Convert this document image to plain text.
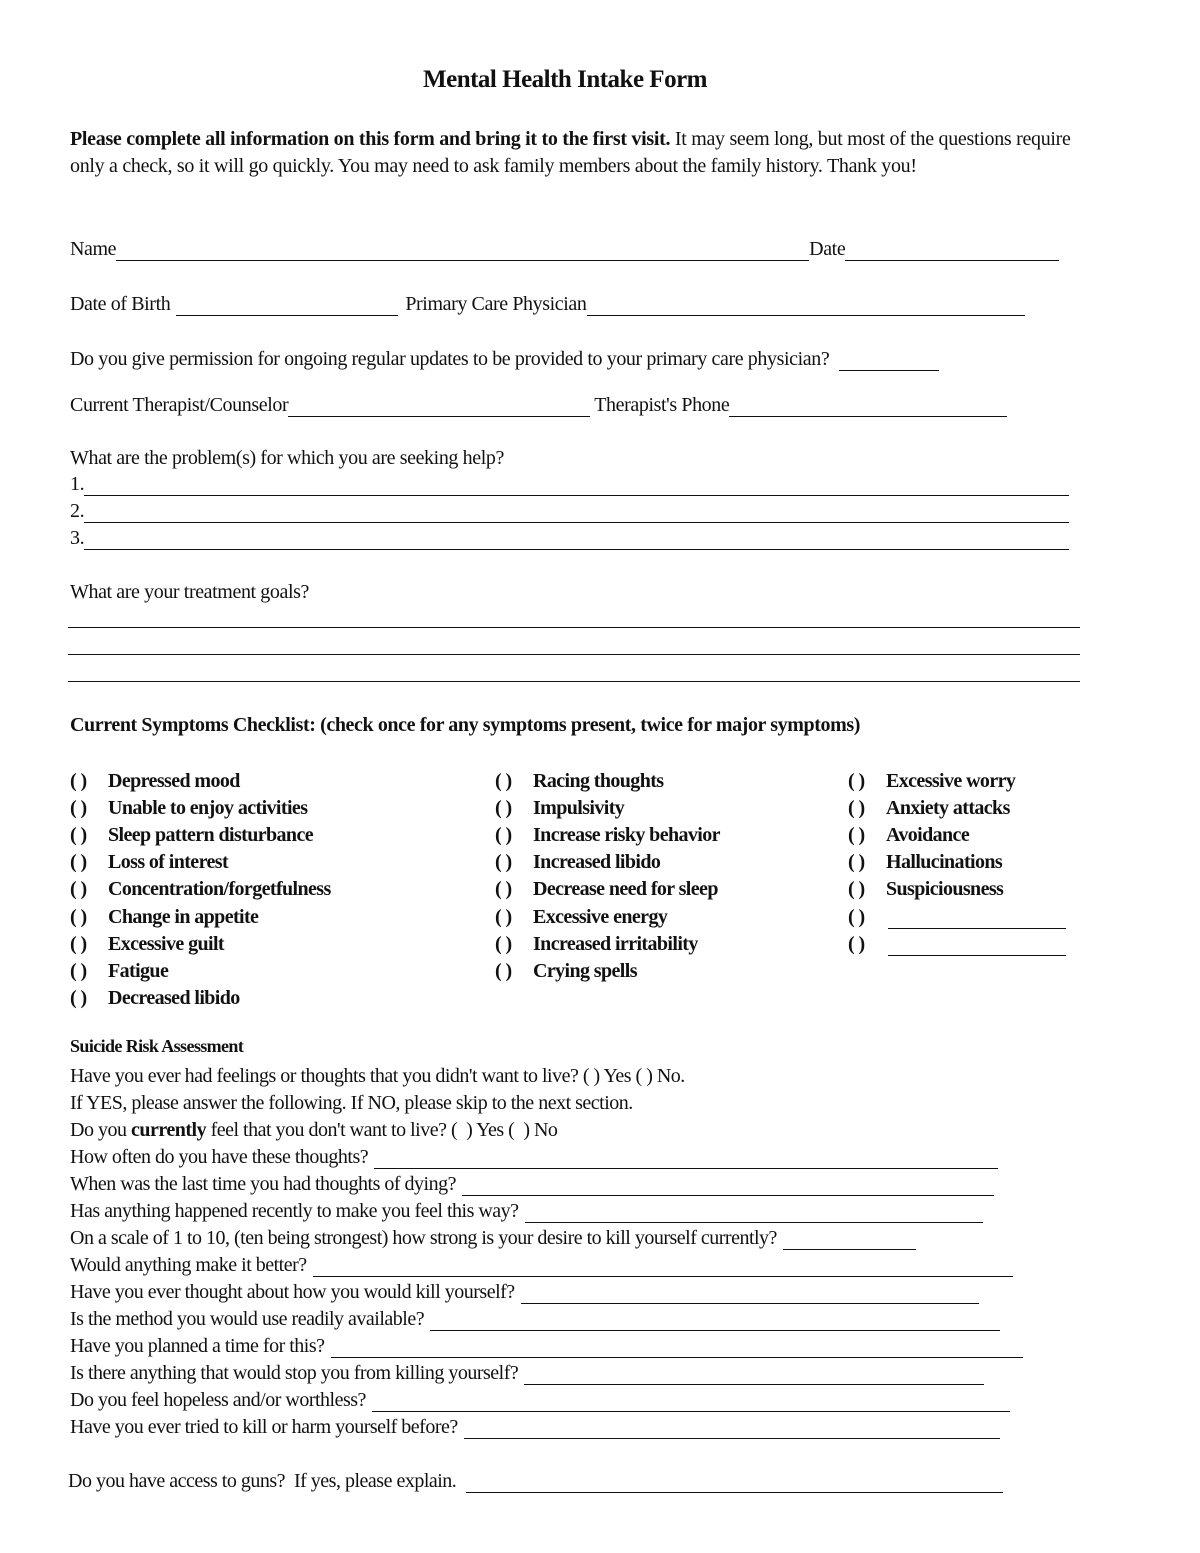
Mental Health Intake Form
Please complete all information on this form and bring it to the first visit. It may seem long, but most of the questions require only a check, so it will go quickly. You may need to ask family members about the family history. Thank you!
Name	Date
Date of Birth	Primary Care Physician
Do you give permission for ongoing regular updates to be provided to your primary care physician?
Current Therapist/Counselor	Therapist's Phone
What are the problem(s) for which you are seeking help?
1.
2.
3.
What are your treatment goals?
Current Symptoms Checklist: (check once for any symptoms present, twice for major symptoms)
( )	Depressed mood
( )	Unable to enjoy activities
( )	Sleep pattern disturbance
( )	Loss of interest
( )	Concentration/forgetfulness
( )	Change in appetite
( )	Excessive guilt
( )	Fatigue
( )	Decreased libido
( )	Racing thoughts
( )	Impulsivity
( )	Increase risky behavior
( )	Increased libido
( )	Decrease need for sleep
( )	Excessive energy
( )	Increased irritability
( )	Crying spells
( )	Excessive worry
( )	Anxiety attacks
( )	Avoidance
( )	Hallucinations
( )	Suspiciousness
( )
( )
Suicide Risk Assessment
Have you ever had feelings or thoughts that you didn't want to live? ( ) Yes ( ) No.
If YES, please answer the following. If NO, please skip to the next section.
Do you currently feel that you don't want to live? (  ) Yes (  ) No
How often do you have these thoughts?
When was the last time you had thoughts of dying?
Has anything happened recently to make you feel this way?
On a scale of 1 to 10, (ten being strongest) how strong is your desire to kill yourself currently?
Would anything make it better?
Have you ever thought about how you would kill yourself?
Is the method you would use readily available?
Have you planned a time for this?
Is there anything that would stop you from killing yourself?
Do you feel hopeless and/or worthless?
Have you ever tried to kill or harm yourself before?
Do you have access to guns?  If yes, please explain.
